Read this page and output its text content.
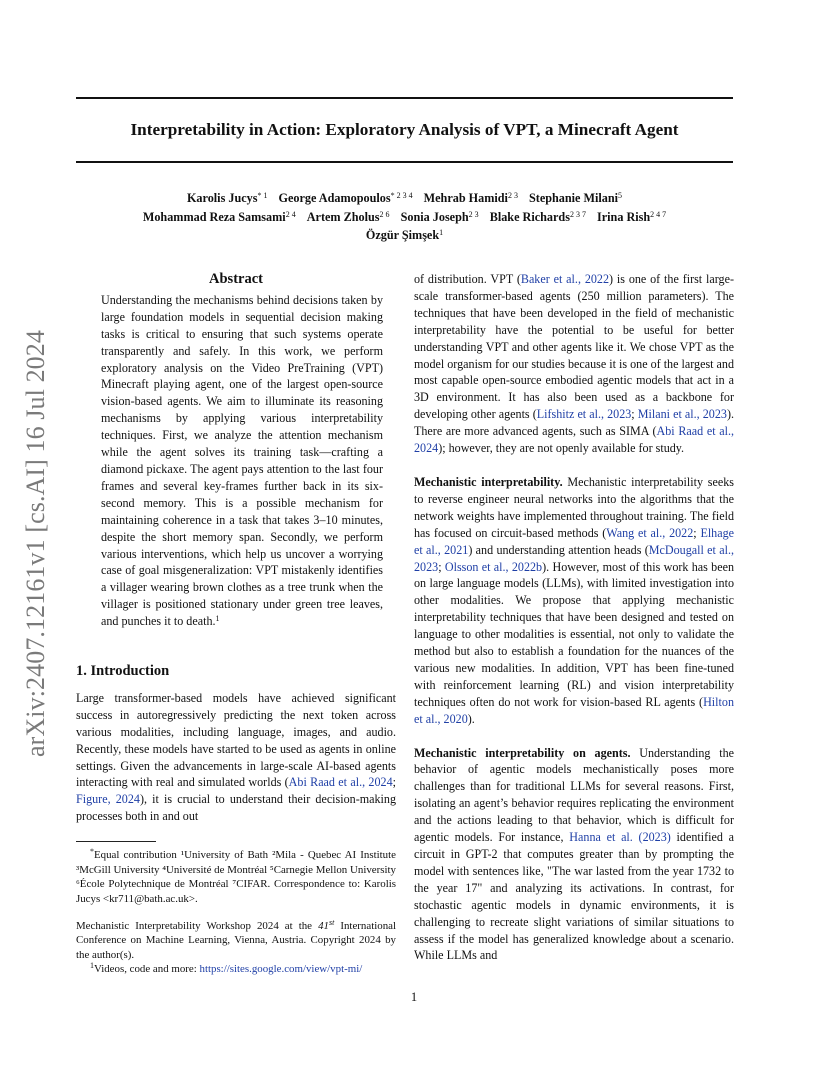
arXiv:2407.12161v1 [cs.AI] 16 Jul 2024
Interpretability in Action: Exploratory Analysis of VPT, a Minecraft Agent
Karolis Jucys$^{* 1}$ George Adamopoulos$^{* 2 3 4}$ Mehrab Hamidi$^{2 3}$ Stephanie Milani$^5$
Mohammad Reza Samsami$^{2 4}$ Artem Zholus$^{2 6}$ Sonia Joseph$^{2 3}$ Blake Richards$^{2 3 7}$ Irina Rish$^{2 4 7}$
Özgür Şimşek$^1$
Abstract

Understanding the mechanisms behind decisions taken by large foundation models in sequential decision making tasks is critical to ensuring that such systems operate transparently and safely. In this work, we perform exploratory analysis on the Video PreTraining (VPT) Minecraft playing agent, one of the largest open-source vision-based agents. We aim to illuminate its reasoning mechanisms by applying various interpretability techniques. First, we analyze the attention mechanism while the agent solves its training task—crafting a diamond pickaxe. The agent pays attention to the last four frames and several key-frames further back in its six-second memory. This is a possible mechanism for maintaining coherence in a task that takes 3–10 minutes, despite the short memory span. Secondly, we perform various interventions, which help us uncover a worrying case of goal misgeneralization: VPT mistakenly identifies a villager wearing brown clothes as a tree trunk when the villager is positioned stationary under green tree leaves, and punches it to death.$^1$

1. Introduction

Large transformer-based models have achieved significant success in autoregressively predicting the next token across various modalities, including language, images, and audio. Recently, these models have started to be used as agents in online settings. Given the advancements in large-scale AI-based agents interacting with real and simulated worlds (Abi Raad et al., 2024; Figure, 2024), it is crucial to understand their decision-making processes both in and out

*Equal contribution ¹University of Bath ²Mila - Quebec AI Institute ³McGill University ⁴Université de Montréal ⁵Carnegie Mellon University ⁶École Polytechnique de Montréal ⁷CIFAR. Correspondence to: Karolis Jucys <kr711@bath.ac.uk>.

Mechanistic Interpretability Workshop 2024 at the 41st International Conference on Machine Learning, Vienna, Austria. Copyright 2024 by the author(s).

$^1$Videos, code and more: https://sites.google.com/view/vpt-mi/

of distribution. VPT (Baker et al., 2022) is one of the first large-scale transformer-based agents (250 million parameters). The techniques that have been developed in the field of mechanistic interpretability have the potential to be useful for better understanding VPT and other agents like it. We chose VPT as the model organism for our studies because it is one of the largest and most capable open-source embodied agentic models that act in a 3D environment. It has also been used as a backbone for developing other agents (Lifshitz et al., 2023; Milani et al., 2023). There are more advanced agents, such as SIMA (Abi Raad et al., 2024); however, they are not openly available for study.

Mechanistic interpretability. Mechanistic interpretability seeks to reverse engineer neural networks into the algorithms that the network weights have implemented throughout training. The field has focused on circuit-based methods (Wang et al., 2022; Elhage et al., 2021) and understanding attention heads (McDougall et al., 2023; Olsson et al., 2022b). However, most of this work has been on large language models (LLMs), with limited investigation into other modalities. We propose that applying mechanistic interpretability techniques that have been designed and tested on language to other modalities is essential, not only to validate the method but also to establish a foundation for the nuances of the various new modalities. In addition, VPT has been fine-tuned with reinforcement learning (RL) and vision interpretability techniques often do not work for vision-based RL agents (Hilton et al., 2020).

Mechanistic interpretability on agents. Understanding the behavior of agentic models mechanistically poses more challenges than for traditional LLMs for several reasons. First, isolating an agent’s behavior requires replicating the environment and the actions leading to that behavior, which is difficult for agentic models. For instance, Hanna et al. (2023) identified a circuit in GPT-2 that computes greater than by prompting the model with sentences like, "The war lasted from the year 1732 to the year 17" and analyzing its activations. In contrast, for stochastic agentic models in dynamic environments, it is challenging to recreate slight variations of similar situations to assess if the model has generalized knowledge about a scenario. While LLMs and

1
